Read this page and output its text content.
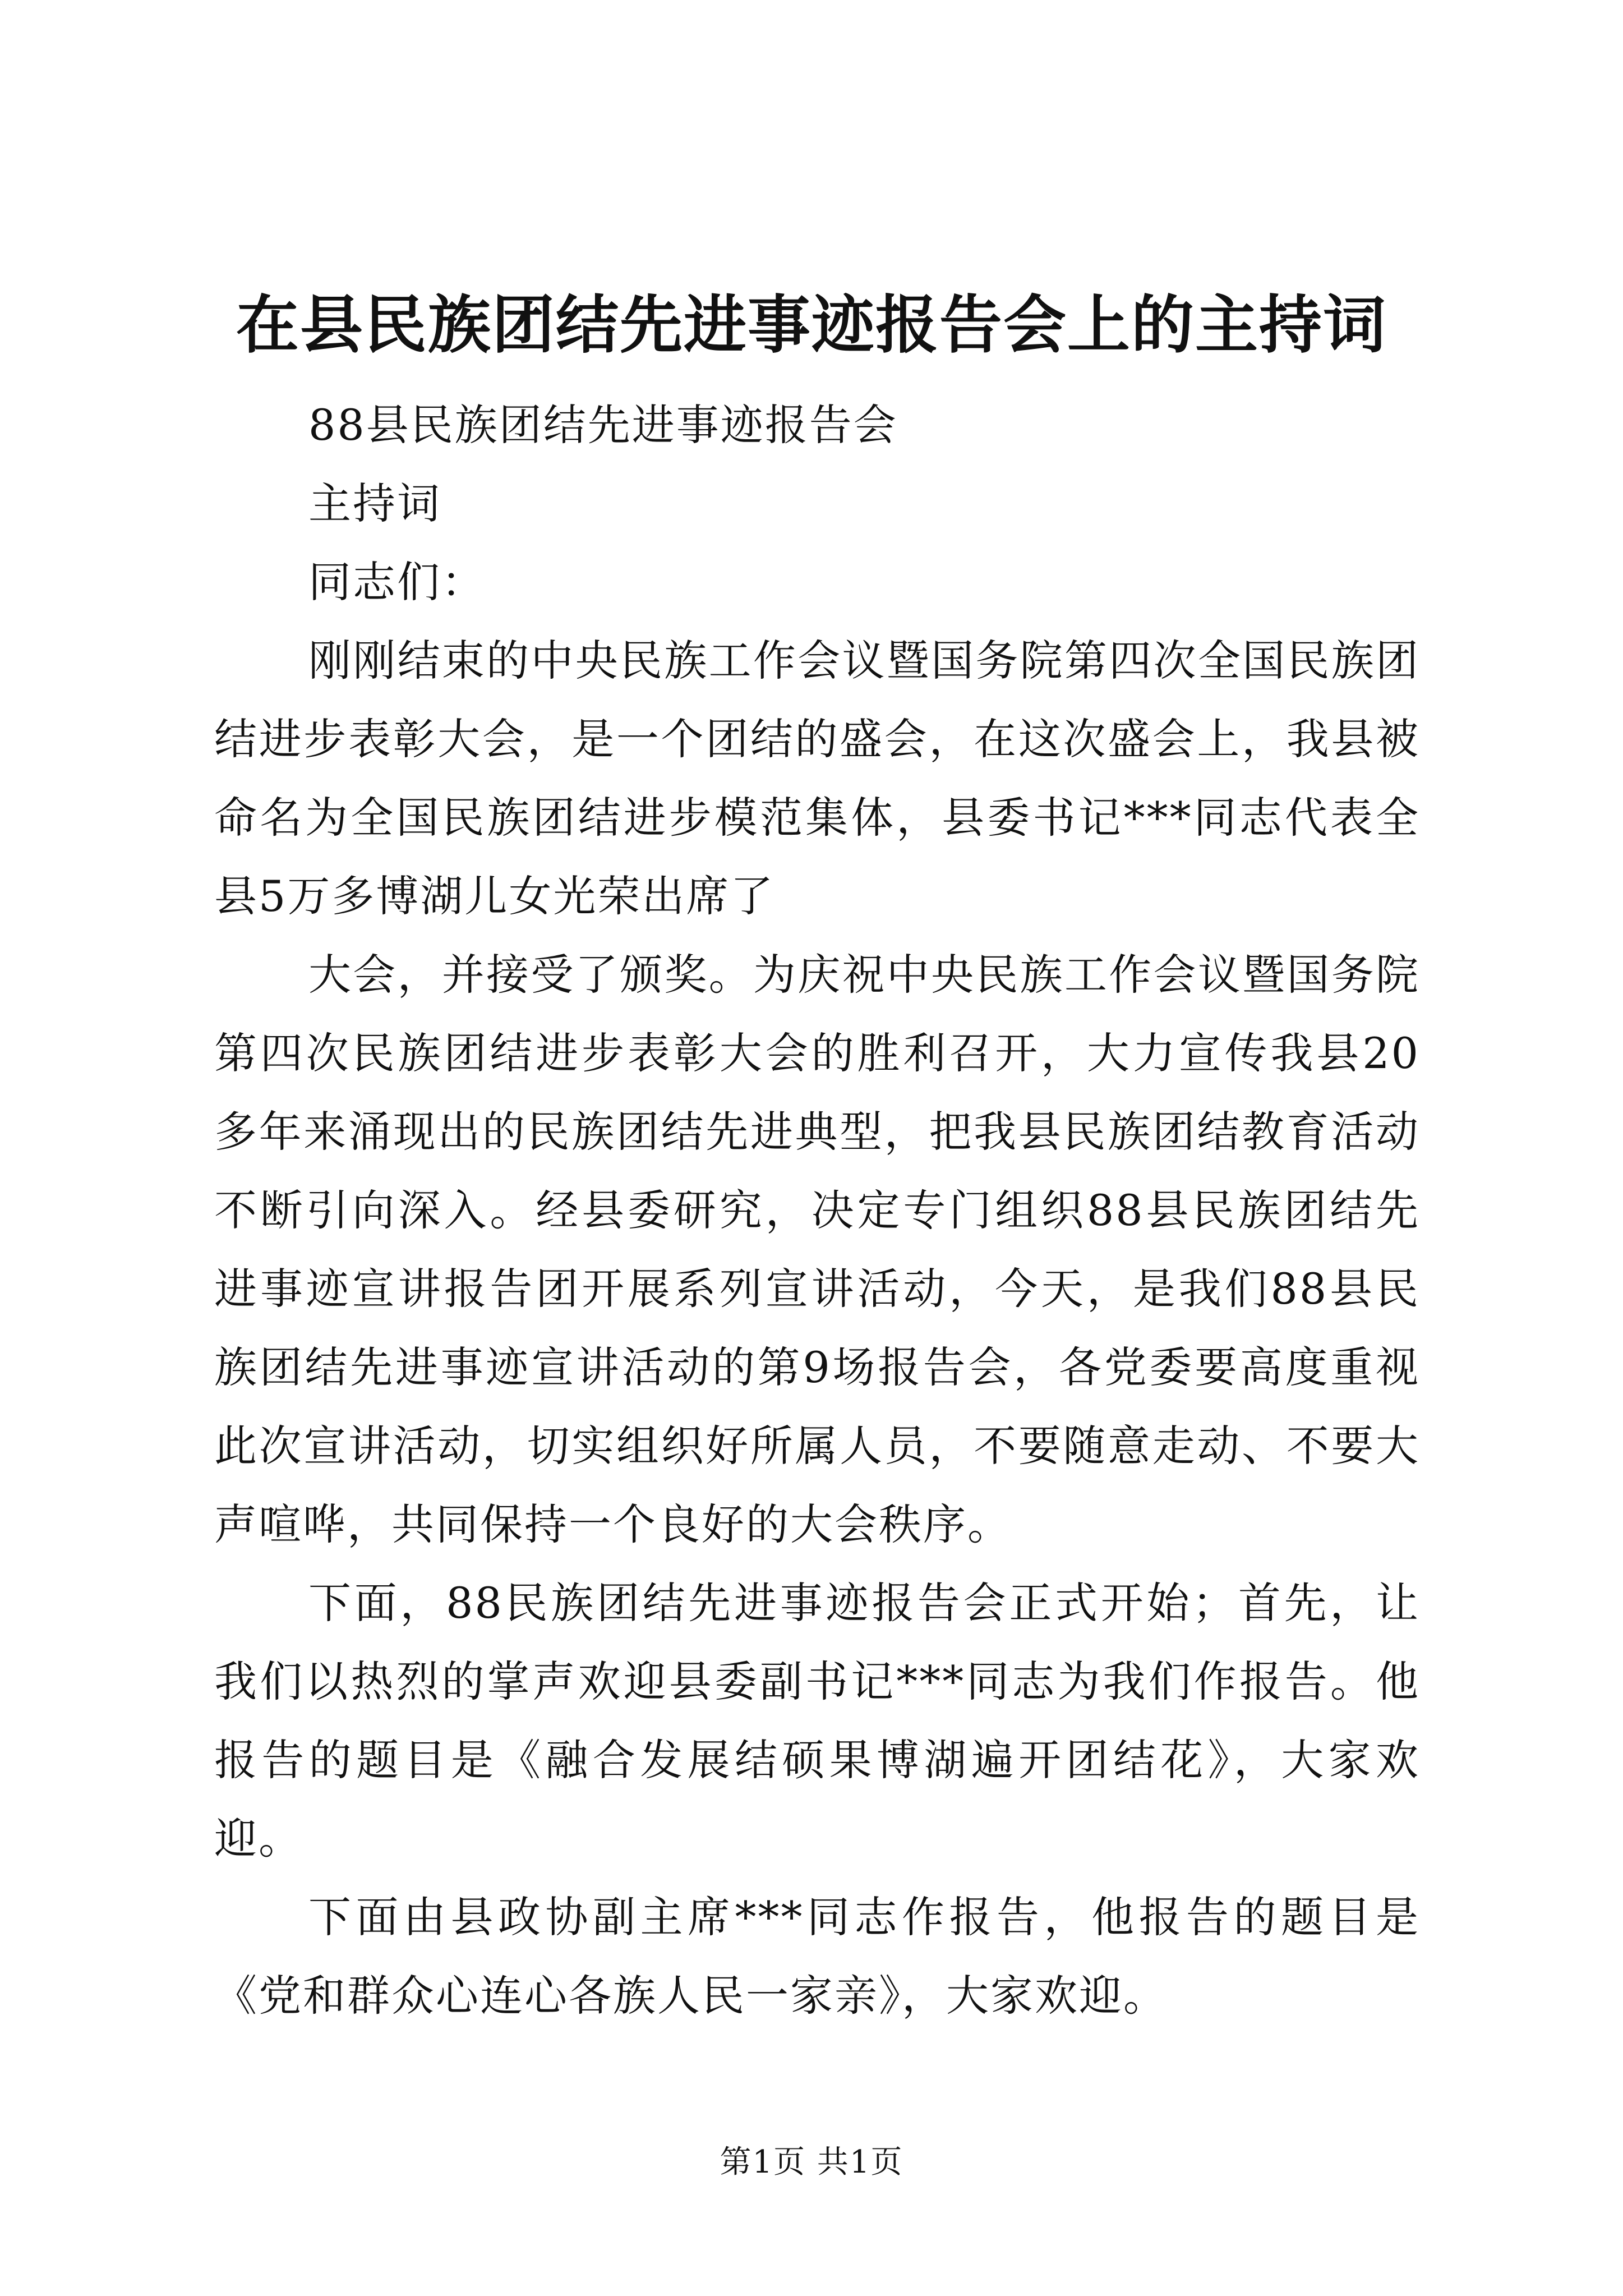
在县民族团结先进事迹报告会上的主持词

88县民族团结先进事迹报告会

主持词

同志们：

刚刚结束的中央民族工作会议暨国务院第四次全国民族团结进步表彰大会，是一个团结的盛会，在这次盛会上，我县被命名为全国民族团结进步模范集体，县委书记***同志代表全县5万多博湖儿女光荣出席了

大会，并接受了颁奖。为庆祝中央民族工作会议暨国务院第四次民族团结进步表彰大会的胜利召开，大力宣传我县20多年来涌现出的民族团结先进典型，把我县民族团结教育活动不断引向深入。经县委研究，决定专门组织88县民族团结先进事迹宣讲报告团开展系列宣讲活动，今天，是我们88县民族团结先进事迹宣讲活动的第9场报告会，各党委要高度重视此次宣讲活动，切实组织好所属人员，不要随意走动、不要大声喧哗，共同保持一个良好的大会秩序。

下面，88民族团结先进事迹报告会正式开始；首先，让我们以热烈的掌声欢迎县委副书记***同志为我们作报告。他报告的题目是《融合发展结硕果博湖遍开团结花》，大家欢迎。

下面由县政协副主席***同志作报告，他报告的题目是《党和群众心连心各族人民一家亲》，大家欢迎。

第1页 共1页
